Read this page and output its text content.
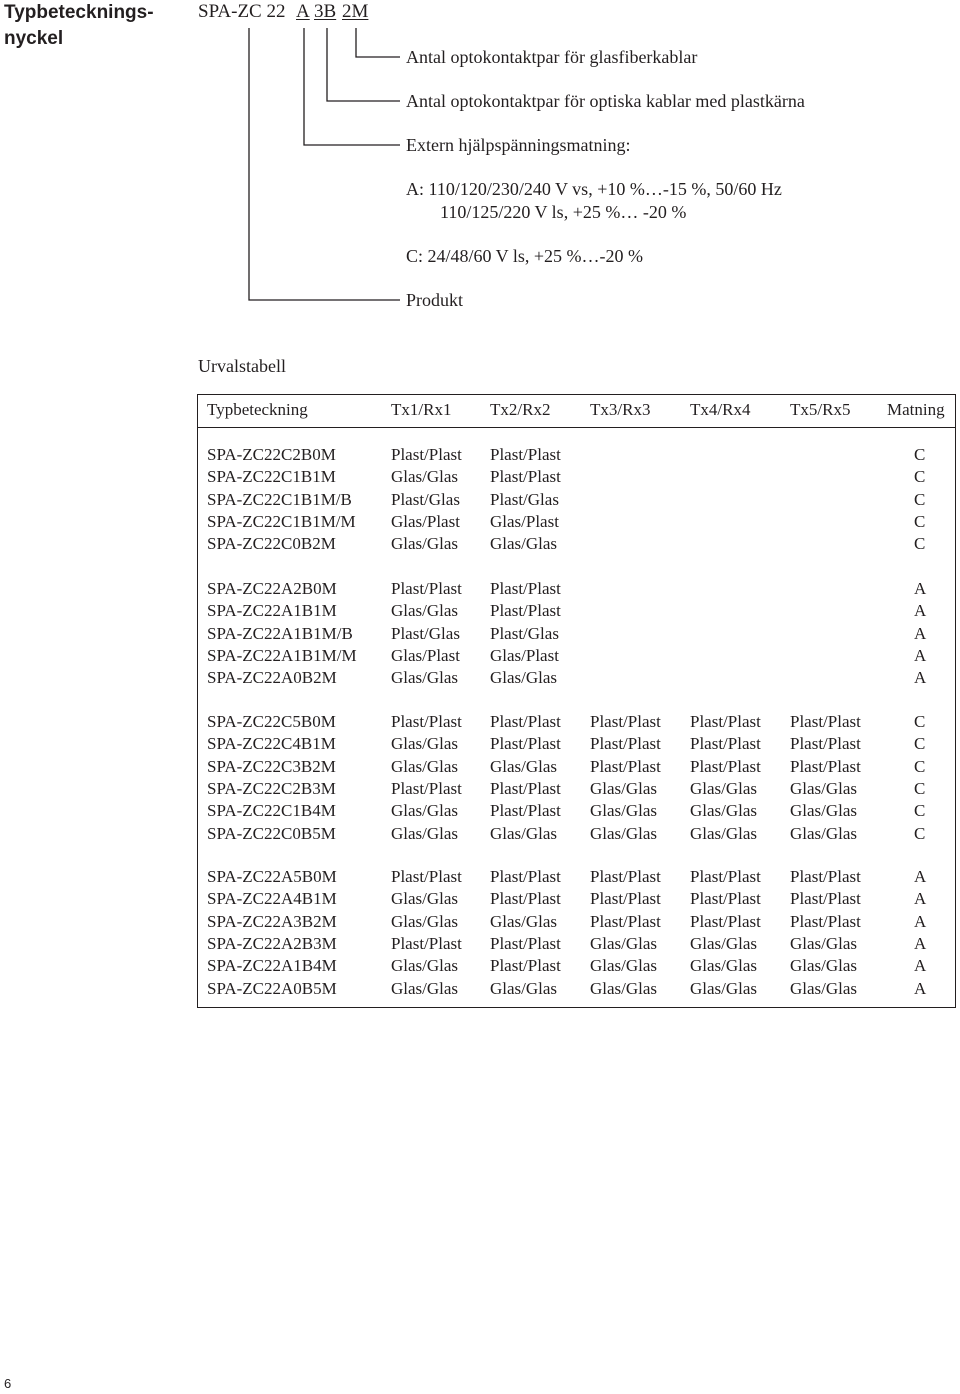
Typbetecknings-
nyckel
SPA-ZC 22 A 3B 2M
Antal optokontaktpar för glasfiberkablar
Antal optokontaktpar för optiska kablar med plastkärna
Extern hjälpspänningsmatning:
A: 110/120/230/240 V vs, +10 %…-15 %, 50/60 Hz
110/125/220 V ls, +25 %… -20 %
C: 24/48/60 V ls, +25 %…-20 %
Produkt
Urvalstabell
Typbeteckning	Tx1/Rx1 Tx2/Rx2 Tx3/Rx3 Tx4/Rx4 Tx5/Rx5 Matning
SPA-ZC22C2B0M	Plast/Plast Plast/Plast	C
SPA-ZC22C1B1M	Glas/Glas Plast/Plast	C
SPA-ZC22C1B1M/B Plast/Glas Plast/Glas	C
SPA-ZC22C1B1M/M Glas/Plast Glas/Plast	C
SPA-ZC22C0B2M	Glas/Glas Glas/Glas	C
SPA-ZC22A2B0M	Plast/Plast Plast/Plast	A
SPA-ZC22A1B1M	Glas/Glas Plast/Plast	A
SPA-ZC22A1B1M/B Plast/Glas Plast/Glas	A
SPA-ZC22A1B1M/M Glas/Plast Glas/Plast	A
SPA-ZC22A0B2M	Glas/Glas Glas/Glas	A
SPA-ZC22C5B0M	Plast/Plast Plast/Plast Plast/Plast Plast/Plast Plast/Plast	C
SPA-ZC22C4B1M	Glas/Glas Plast/Plast Plast/Plast Plast/Plast Plast/Plast	C
SPA-ZC22C3B2M	Glas/Glas Glas/Glas Plast/Plast Plast/Plast Plast/Plast	C
SPA-ZC22C2B3M	Plast/Plast Plast/Plast Glas/Glas Glas/Glas Glas/Glas	C
SPA-ZC22C1B4M	Glas/Glas Plast/Plast Glas/Glas Glas/Glas Glas/Glas	C
SPA-ZC22C0B5M	Glas/Glas Glas/Glas Glas/Glas Glas/Glas Glas/Glas	C
SPA-ZC22A5B0M	Plast/Plast Plast/Plast Plast/Plast Plast/Plast Plast/Plast	A
SPA-ZC22A4B1M	Glas/Glas Plast/Plast Plast/Plast Plast/Plast Plast/Plast	A
SPA-ZC22A3B2M	Glas/Glas Glas/Glas Plast/Plast Plast/Plast Plast/Plast	A
SPA-ZC22A2B3M	Plast/Plast Plast/Plast Glas/Glas Glas/Glas Glas/Glas	A
SPA-ZC22A1B4M	Glas/Glas Plast/Plast Glas/Glas Glas/Glas Glas/Glas	A
SPA-ZC22A0B5M	Glas/Glas Glas/Glas Glas/Glas Glas/Glas Glas/Glas	A
6
